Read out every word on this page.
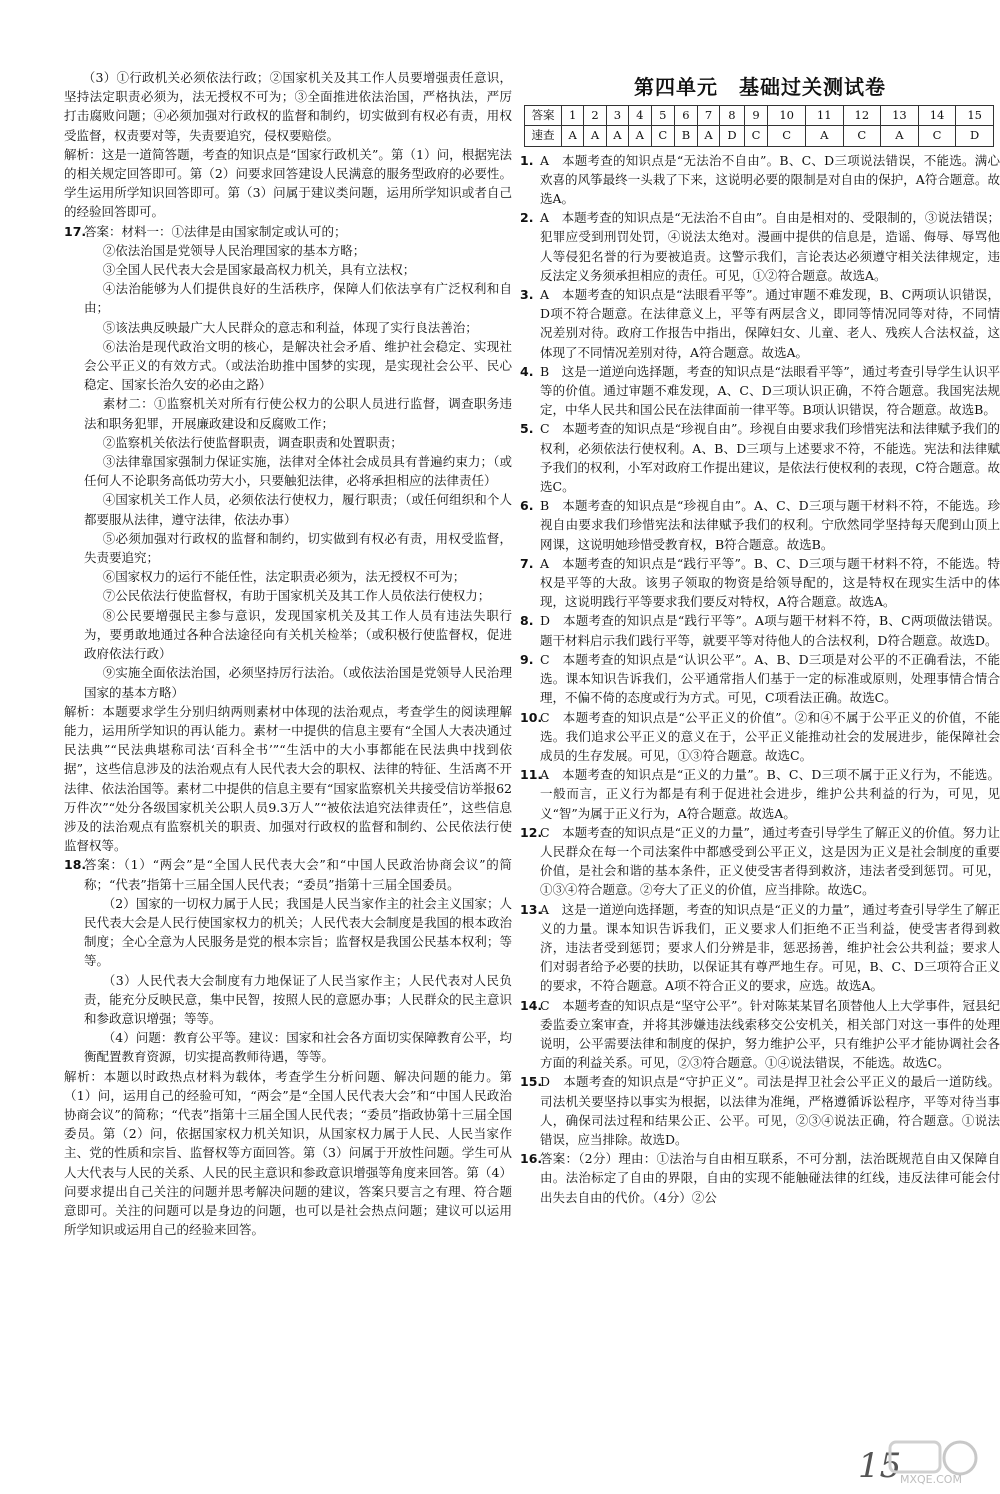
（3）①行政机关必须依法行政；②国家机关及其工作人员要增强责任意识，坚持法定职责必须为，法无授权不可为；③全面推进依法治国，严格执法，严厉打击腐败问题；④必须加强对行政权的监督和制约，切实做到有权必有责，用权受监督，权责要对等，失责要追究，侵权要赔偿。

解析：这是一道简答题，考查的知识点是“国家行政机关”。第（1）问，根据宪法的相关规定回答即可。第（2）问要求回答建设人民满意的服务型政府的必要性。学生运用所学知识回答即可。第（3）问属于建议类问题，运用所学知识或者自己的经验回答即可。

17.

答案：材料一：①法律是由国家制定或认可的；

②依法治国是党领导人民治理国家的基本方略；

③全国人民代表大会是国家最高权力机关，具有立法权；

④法治能够为人们提供良好的生活秩序，保障人们依法享有广泛权利和自由；

⑤该法典反映最广大人民群众的意志和利益，体现了实行良法善治；

⑥法治是现代政治文明的核心，是解决社会矛盾、维护社会稳定、实现社会公平正义的有效方式。（或法治助推中国梦的实现，是实现社会公平、民心稳定、国家长治久安的必由之路）

素材二：①监察机关对所有行使公权力的公职人员进行监督，调查职务违法和职务犯罪，开展廉政建设和反腐败工作；

②监察机关依法行使监督职责，调查职责和处置职责；

③法律靠国家强制力保证实施，法律对全体社会成员具有普遍约束力；（或任何人不论职务高低功劳大小，只要触犯法律，必将承担相应的法律责任）

④国家机关工作人员，必须依法行使权力，履行职责；（或任何组织和个人都要服从法律，遵守法律，依法办事）

⑤必须加强对行政权的监督和制约，切实做到有权必有责，用权受监督，失责要追究；

⑥国家权力的运行不能任性，法定职责必须为，法无授权不可为；

⑦公民依法行使监督权，有助于国家机关及其工作人员依法行使权力；

⑧公民要增强民主参与意识，发现国家机关及其工作人员有违法失职行为，要勇敢地通过各种合法途径向有关机关检举；（或积极行使监督权，促进政府依法行政）

⑨实施全面依法治国，必须坚持厉行法治。（或依法治国是党领导人民治理国家的基本方略）

解析：本题要求学生分别归纳两则素材中体现的法治观点，考查学生的阅读理解能力，运用所学知识的再认能力。素材一中提供的信息主要有“全国人大表决通过民法典”“民法典堪称司法‘百科全书’”“生活中的大小事都能在民法典中找到依据”，这些信息涉及的法治观点有人民代表大会的职权、法律的特征、生活离不开法律、依法治国等。素材二中提供的信息主要有“国家监察机关共接受信访举报62万件次”“处分各级国家机关公职人员9.3万人”“被依法追究法律责任”，这些信息涉及的法治观点有监察机关的职责、加强对行政权的监督和制约、公民依法行使监督权等。

18.

答案：（1）“两会”是“全国人民代表大会”和“中国人民政治协商会议”的简称；“代表”指第十三届全国人民代表；“委员”指第十三届全国委员。

（2）国家的一切权力属于人民；我国是人民当家作主的社会主义国家；人民代表大会是人民行使国家权力的机关；人民代表大会制度是我国的根本政治制度；全心全意为人民服务是党的根本宗旨；监督权是我国公民基本权利；等等。

（3）人民代表大会制度有力地保证了人民当家作主；人民代表对人民负责，能充分反映民意，集中民智，按照人民的意愿办事；人民群众的民主意识和参政意识增强；等等。

（4）问题：教育公平等。建议：国家和社会各方面切实保障教育公平，均衡配置教育资源，切实提高教师待遇，等等。

解析：本题以时政热点材料为载体，考查学生分析问题、解决问题的能力。第（1）问，运用自己的经验可知，“两会”是“全国人民代表大会”和“中国人民政治协商会议”的简称；“代表”指第十三届全国人民代表；“委员”指政协第十三届全国委员。第（2）问，依据国家权力机关知识，从国家权力属于人民、人民当家作主、党的性质和宗旨、监督权等方面回答。第（3）问属于开放性问题。学生可从人大代表与人民的关系、人民的民主意识和参政意识增强等角度来回答。第（4）问要求提出自己关注的问题并思考解决问题的建议，答案只要言之有理、符合题意即可。关注的问题可以是身边的问题，也可以是社会热点问题；建议可以运用所学知识或运用自己的经验来回答。

第四单元　基础过关测试卷
答案	1	2	3	4	5	6	7	8	9	10	11	12	13	14	15
速查	A	A	A	A	C	B	A	D	C	C	A	C	A	C	D
1. A　本题考查的知识点是“无法治不自由”。B、C、D三项说法错误，不能选。满心欢喜的风筝最终一头栽了下来，这说明必要的限制是对自由的保护，A符合题意。故选A。
2. A　本题考查的知识点是“无法治不自由”。自由是相对的、受限制的，③说法错误；犯罪应受到刑罚处罚，④说法太绝对。漫画中提供的信息是，造谣、侮辱、辱骂他人等侵犯名誉的行为要被追责。这警示我们，言论表达必须遵守相关法律规定，违反法定义务须承担相应的责任。可见，①②符合题意。故选A。
3. A　本题考查的知识点是“法眼看平等”。通过审题不难发现，B、C两项认识错误，D项不符合题意。在法律意义上，平等有两层含义，即同等情况同等对待，不同情况差别对待。政府工作报告中指出，保障妇女、儿童、老人、残疾人合法权益，这体现了不同情况差别对待，A符合题意。故选A。
4. B　这是一道逆向选择题，考查的知识点是“法眼看平等”，通过考查引导学生认识平等的价值。通过审题不难发现，A、C、D三项认识正确，不符合题意。我国宪法规定，中华人民共和国公民在法律面前一律平等。B项认识错误，符合题意。故选B。
5. C　本题考查的知识点是“珍视自由”。珍视自由要求我们珍惜宪法和法律赋予我们的权利，必须依法行使权利。A、B、D三项与上述要求不符，不能选。宪法和法律赋予我们的权利，小军对政府工作提出建议，是依法行使权利的表现，C符合题意。故选C。
6. B　本题考查的知识点是“珍视自由”。A、C、D三项与题干材料不符，不能选。珍视自由要求我们珍惜宪法和法律赋予我们的权利。宁欣然同学坚持每天爬到山顶上网课，这说明她珍惜受教育权，B符合题意。故选B。
7. A　本题考查的知识点是“践行平等”。B、C、D三项与题干材料不符，不能选。特权是平等的大敌。该男子领取的物资是给领导配的，这是特权在现实生活中的体现，这说明践行平等要求我们要反对特权，A符合题意。故选A。
8. D　本题考查的知识点是“践行平等”。A项与题干材料不符，B、C两项做法错误。题干材料启示我们践行平等，就要平等对待他人的合法权利，D符合题意。故选D。
9. C　本题考查的知识点是“认识公平”。A、B、D三项是对公平的不正确看法，不能选。课本知识告诉我们，公平通常指人们基于一定的标准或原则，处理事情合情合理，不偏不倚的态度或行为方式。可见，C项看法正确。故选C。
10.
C　本题考查的知识点是“公平正义的价值”。②和④不属于公平正义的价值，不能选。我们追求公平正义的意义在于，公平正义能推动社会的发展进步，能保障社会成员的生存发展。可见，①③符合题意。故选C。
11.
A　本题考查的知识点是“正义的力量”。B、C、D三项不属于正义行为，不能选。一般而言，正义行为都是有利于促进社会进步，维护公共利益的行为，可见，见义“智”为属于正义行为，A符合题意。故选A。
12.
C　本题考查的知识点是“正义的力量”，通过考查引导学生了解正义的价值。努力让人民群众在每一个司法案件中都感受到公平正义，这是因为正义是社会制度的重要价值，是社会和谐的基本条件，正义使受害者得到救济，违法者受到惩罚。可见，①③④符合题意。②夸大了正义的价值，应当排除。故选C。
13.
A　这是一道逆向选择题，考查的知识点是“正义的力量”，通过考查引导学生了解正义的力量。课本知识告诉我们，正义要求人们拒绝不正当利益，使受害者得到救济，违法者受到惩罚；要求人们分辨是非，惩恶扬善，维护社会公共利益；要求人们对弱者给予必要的扶助，以保证其有尊严地生存。可见，B、C、D三项符合正义的要求，不符合题意。A项不符合正义的要求，应选。故选A。
14.
C　本题考查的知识点是“坚守公平”。针对陈某某冒名顶替他人上大学事件，冠县纪委监委立案审查，并将其涉嫌违法线索移交公安机关，相关部门对这一事件的处理说明，公平需要法律和制度的保护，努力维护公平，只有维护公平才能协调社会各方面的利益关系。可见，②③符合题意。①④说法错误，不能选。故选C。
15.
D　本题考查的知识点是“守护正义”。司法是捍卫社会公平正义的最后一道防线。司法机关要坚持以事实为根据，以法律为准绳，严格遵循诉讼程序，平等对待当事人，确保司法过程和结果公正、公平。可见，②③④说法正确，符合题意。①说法错误，应当排除。故选D。
16.
答案：（2分）理由：①法治与自由相互联系，不可分割，法治既规范自由又保障自由。法治标定了自由的界限，自由的实现不能触碰法律的红线，违反法律可能会付出失去自由的代价。（4分）②公
15
MXQE.COM
